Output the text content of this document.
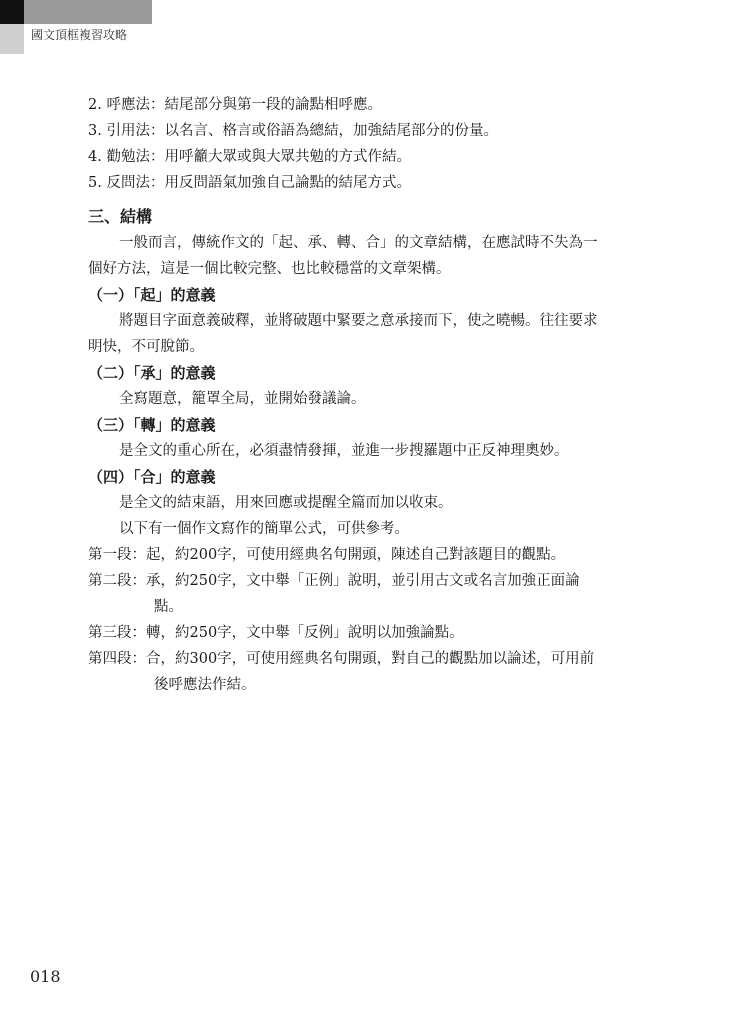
國文頂框複習攻略
2. 呼應法：結尾部分與第一段的論點相呼應。
3. 引用法：以名言、格言或俗語為總結，加強結尾部分的份量。
4. 勸勉法：用呼籲大眾或與大眾共勉的方式作結。
5. 反問法：用反問語氣加強自己論點的結尾方式。
三、結構
一般而言，傳統作文的「起、承、轉、合」的文章結構，在應試時不失為一
個好方法，這是一個比較完整、也比較穩當的文章架構。
（一）「起」的意義
將題目字面意義破釋，並將破題中緊要之意承接而下，使之曉暢。往往要求
明快，不可脫節。
（二）「承」的意義
全寫題意，籠罩全局，並開始發議論。
（三）「轉」的意義
是全文的重心所在，必須盡情發揮，並進一步搜羅題中正反神理奧妙。
（四）「合」的意義
是全文的結束語，用來回應或提醒全篇而加以收束。
以下有一個作文寫作的簡單公式，可供參考。
第一段：起，約200字，可使用經典名句開頭，陳述自己對該題目的觀點。
第二段：承，約250字，文中舉「正例」說明，並引用古文或名言加強正面論
點。
第三段：轉，約250字，文中舉「反例」說明以加強論點。
第四段：合，約300字，可使用經典名句開頭，對自己的觀點加以論述，可用前
後呼應法作結。
018
